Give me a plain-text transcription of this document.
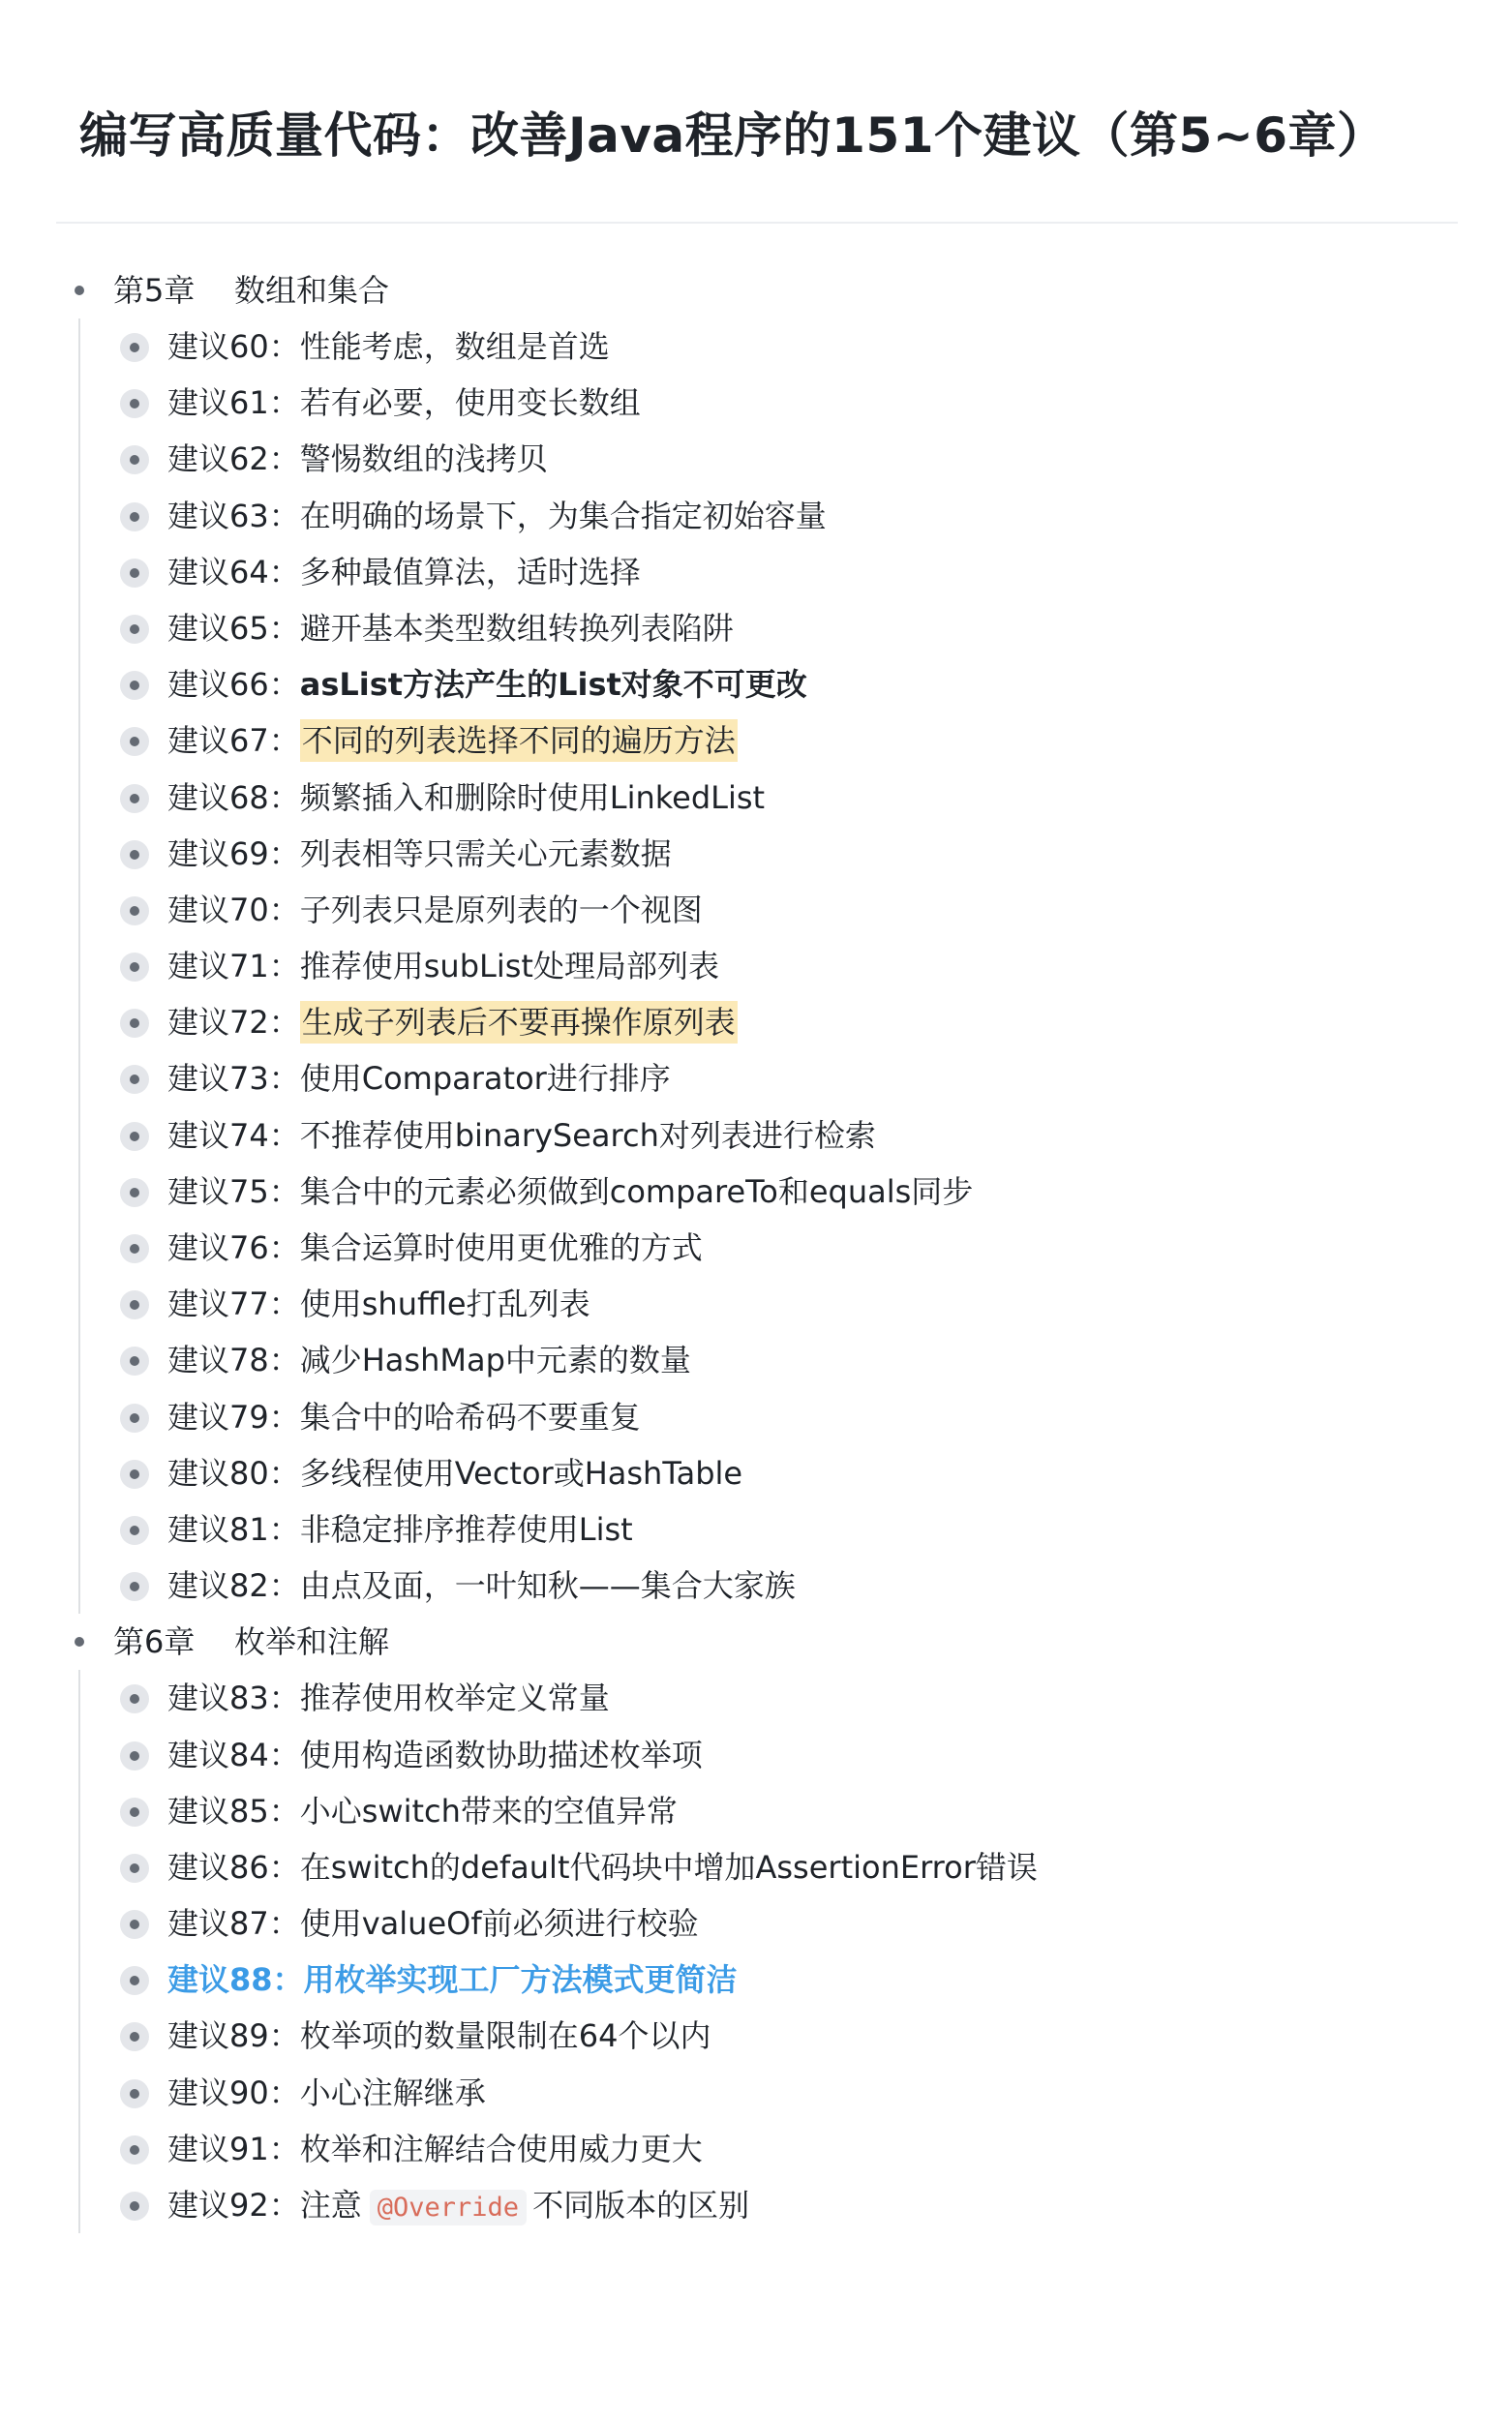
编写高质量代码：改善Java程序的151个建议（第5~6章）
第5章    数组和集合
建议60：性能考虑，数组是首选
建议61：若有必要，使用变长数组
建议62：警惕数组的浅拷贝
建议63：在明确的场景下，为集合指定初始容量
建议64：多种最值算法，适时选择
建议65：避开基本类型数组转换列表陷阱
建议66：asList方法产生的List对象不可更改
建议67：不同的列表选择不同的遍历方法
建议68：频繁插入和删除时使用LinkedList
建议69：列表相等只需关心元素数据
建议70：子列表只是原列表的一个视图
建议71：推荐使用subList处理局部列表
建议72：生成子列表后不要再操作原列表
建议73：使用Comparator进行排序
建议74：不推荐使用binarySearch对列表进行检索
建议75：集合中的元素必须做到compareTo和equals同步
建议76：集合运算时使用更优雅的方式
建议77：使用shuffle打乱列表
建议78：减少HashMap中元素的数量
建议79：集合中的哈希码不要重复
建议80：多线程使用Vector或HashTable
建议81：非稳定排序推荐使用List
建议82：由点及面，一叶知秋——集合大家族
第6章    枚举和注解
建议83：推荐使用枚举定义常量
建议84：使用构造函数协助描述枚举项
建议85：小心switch带来的空值异常
建议86：在switch的default代码块中增加AssertionError错误
建议87：使用valueOf前必须进行校验
建议88：用枚举实现工厂方法模式更简洁
建议89：枚举项的数量限制在64个以内
建议90：小心注解继承
建议91：枚举和注解结合使用威力更大
建议92：注意 @Override 不同版本的区别
